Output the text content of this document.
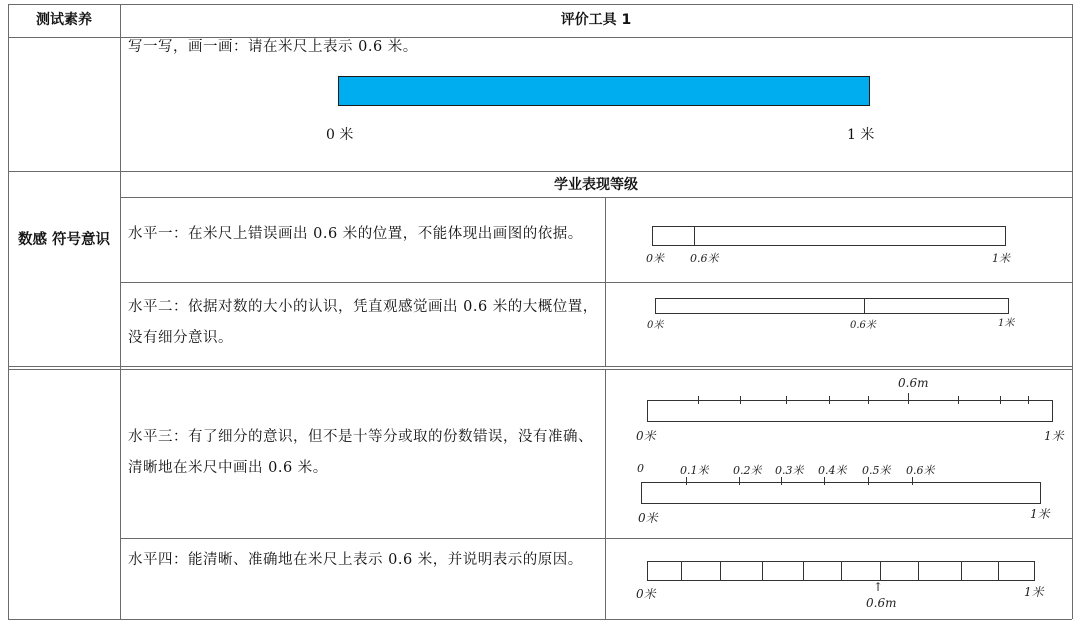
测试素养	评价工具 1
写一写，画一画：请在米尺上表示 0.6 米。
0 米	1 米
数感 符号意识
学业表现等级
水平一：在米尺上错误画出 0.6 米的位置，不能体现出画图的依据。
0米 0.6米	1米
水平二：依据对数的大小的认识，凭直观感觉画出 0.6 米的大概位置，没有细分意识。
0米	0.6米	1米
水平三：有了细分的意识，但不是十等分或取的份数错误，没有准确、清晰地在米尺中画出 0.6 米。
0.6m
0米	1米
0	0.1米 0.2米 0.3米 0.4米 0.5米 0.6米
0米	1米
水平四：能清晰、准确地在米尺上表示 0.6 米，并说明表示的原因。
↑
0米
0.6m
1米
